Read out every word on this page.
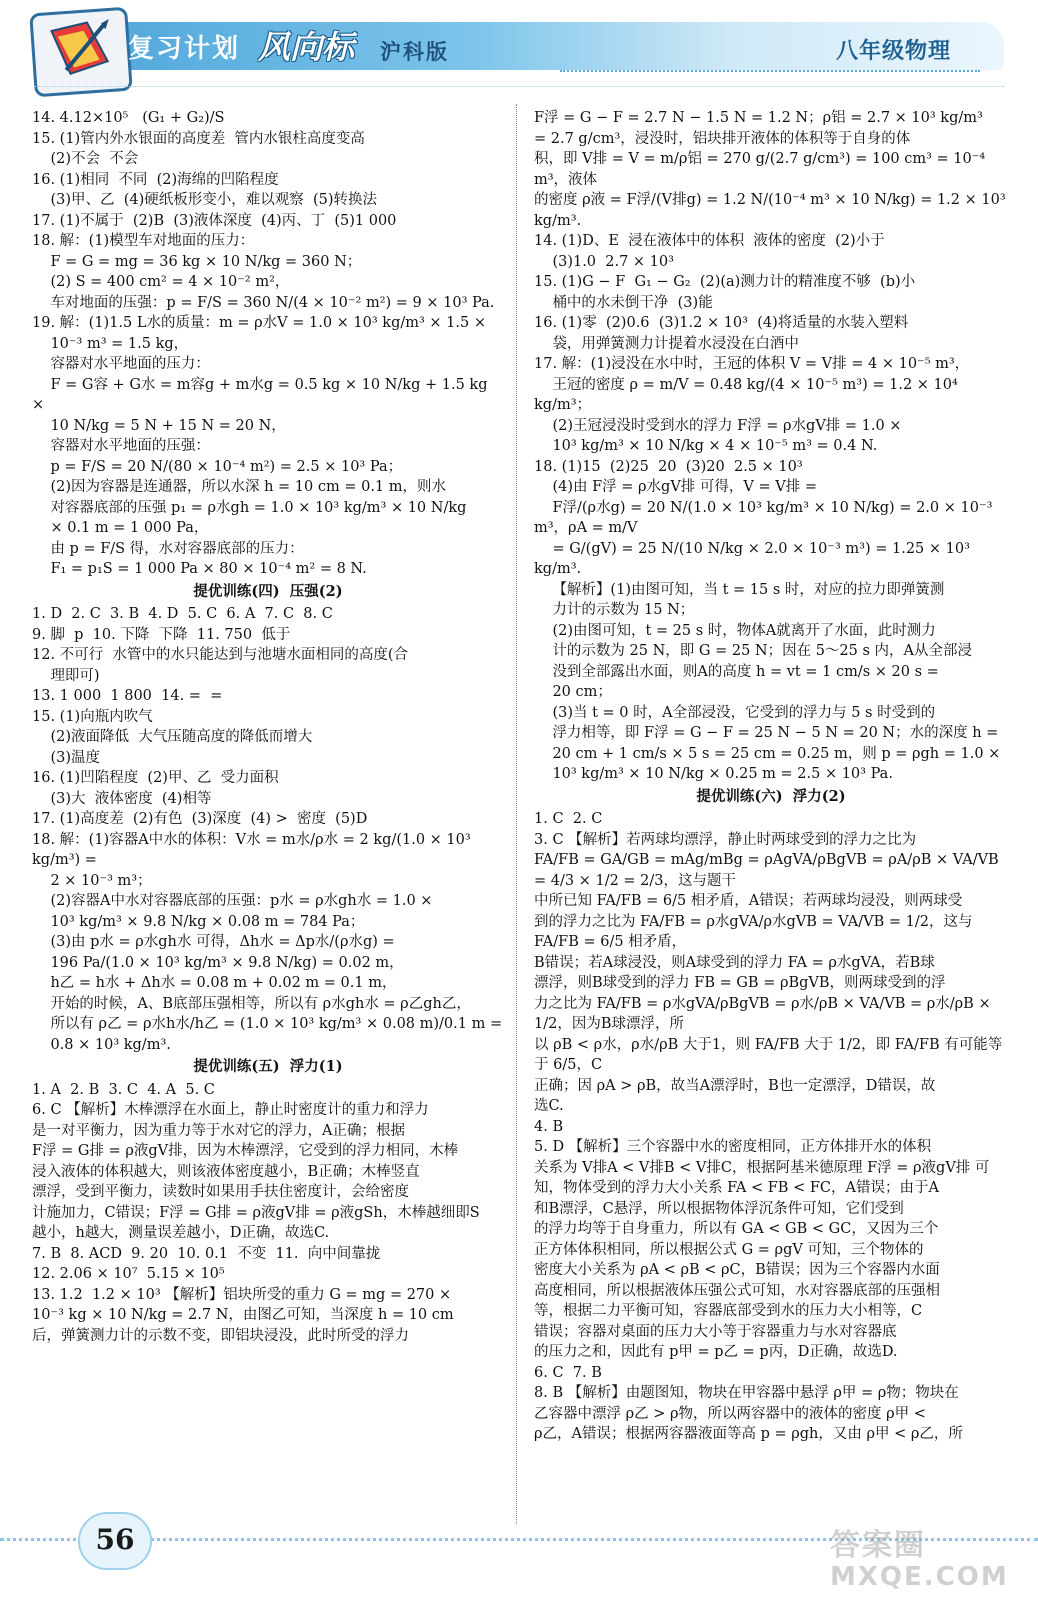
复习计划 风向标 沪科版	八年级物理
14. 4.12×10⁵   (G₁ + G₂)/S
15. (1)管内外水银面的高度差  管内水银柱高度变高
(2)不会  不会
16. (1)相同  不同  (2)海绵的凹陷程度
(3)甲、乙  (4)硬纸板形变小，难以观察  (5)转换法
17. (1)不属于  (2)B  (3)液体深度  (4)丙、丁  (5)1 000
18. 解：(1)模型车对地面的压力：
F = G = mg = 36 kg × 10 N/kg = 360 N；
(2) S = 400 cm² = 4 × 10⁻² m²，
车对地面的压强：p = F/S = 360 N/(4 × 10⁻² m²) = 9 × 10³ Pa.
19. 解：(1)1.5 L水的质量：m = ρ水V = 1.0 × 10³ kg/m³ × 1.5 ×
10⁻³ m³ = 1.5 kg，
容器对水平地面的压力：
F = G容 + G水 = m容g + m水g = 0.5 kg × 10 N/kg + 1.5 kg ×
10 N/kg = 5 N + 15 N = 20 N，
容器对水平地面的压强：
p = F/S = 20 N/(80 × 10⁻⁴ m²) = 2.5 × 10³ Pa；
(2)因为容器是连通器，所以水深 h = 10 cm = 0.1 m，则水
对容器底部的压强 p₁ = ρ水gh = 1.0 × 10³ kg/m³ × 10 N/kg
× 0.1 m = 1 000 Pa，
由 p = F/S 得，水对容器底部的压力：
F₁ = p₁S = 1 000 Pa × 80 × 10⁻⁴ m² = 8 N.
提优训练(四)  压强(2)
1. D  2. C  3. B  4. D  5. C  6. A  7. C  8. C
9. 脚  p  10. 下降  下降  11. 750  低于
12. 不可行  水管中的水只能达到与池塘水面相同的高度(合
理即可)
13. 1 000  1 800  14. =  =
15. (1)向瓶内吹气
(2)液面降低  大气压随高度的降低而增大
(3)温度
16. (1)凹陷程度  (2)甲、乙  受力面积
(3)大  液体密度  (4)相等
17. (1)高度差  (2)有色  (3)深度  (4) >  密度  (5)D
18. 解：(1)容器A中水的体积：V水 = m水/ρ水 = 2 kg/(1.0 × 10³ kg/m³) =
2 × 10⁻³ m³；
(2)容器A中水对容器底部的压强：p水 = ρ水gh水 = 1.0 ×
10³ kg/m³ × 9.8 N/kg × 0.08 m = 784 Pa；
(3)由 p水 = ρ水gh水 可得，Δh水 = Δp水/(ρ水g) =
196 Pa/(1.0 × 10³ kg/m³ × 9.8 N/kg) = 0.02 m，
h乙 = h水 + Δh水 = 0.08 m + 0.02 m = 0.1 m，
开始的时候，A、B底部压强相等，所以有 ρ水gh水 = ρ乙gh乙，
所以有 ρ乙 = ρ水h水/h乙 = (1.0 × 10³ kg/m³ × 0.08 m)/0.1 m =
0.8 × 10³ kg/m³.
提优训练(五)  浮力(1)
1. A  2. B  3. C  4. A  5. C
6. C 【解析】木棒漂浮在水面上，静止时密度计的重力和浮力
是一对平衡力，因为重力等于水对它的浮力，A正确；根据
F浮 = G排 = ρ液gV排，因为木棒漂浮，它受到的浮力相同，木棒
浸入液体的体积越大，则该液体密度越小，B正确；木棒竖直
漂浮，受到平衡力，读数时如果用手扶住密度计，会给密度
计施加力，C错误；F浮 = G排 = ρ液gV排 = ρ液gSh，木棒越细即S
越小，h越大，测量误差越小，D正确，故选C.
7. B  8. ACD  9. 20  10. 0.1  不变  11.  向中间靠拢
12. 2.06 × 10⁷  5.15 × 10⁵
13. 1.2  1.2 × 10³ 【解析】铝块所受的重力 G = mg = 270 ×
10⁻³ kg × 10 N/kg = 2.7 N，由图乙可知，当深度 h = 10 cm
后，弹簧测力计的示数不变，即铝块浸没，此时所受的浮力
F浮 = G − F = 2.7 N − 1.5 N = 1.2 N；ρ铝 = 2.7 × 10³ kg/m³
= 2.7 g/cm³，浸没时，铝块排开液体的体积等于自身的体
积，即 V排 = V = m/ρ铝 = 270 g/(2.7 g/cm³) = 100 cm³ = 10⁻⁴ m³，液体
的密度 ρ液 = F浮/(V排g) = 1.2 N/(10⁻⁴ m³ × 10 N/kg) = 1.2 × 10³ kg/m³.
14. (1)D、E  浸在液体中的体积  液体的密度  (2)小于
(3)1.0  2.7 × 10³
15. (1)G − F  G₁ − G₂  (2)(a)测力计的精准度不够  (b)小
桶中的水未倒干净  (3)能
16. (1)零  (2)0.6  (3)1.2 × 10³  (4)将适量的水装入塑料
袋，用弹簧测力计提着水浸没在白酒中
17. 解：(1)浸没在水中时，王冠的体积 V = V排 = 4 × 10⁻⁵ m³，
王冠的密度 ρ = m/V = 0.48 kg/(4 × 10⁻⁵ m³) = 1.2 × 10⁴ kg/m³；
(2)王冠浸没时受到水的浮力 F浮 = ρ水gV排 = 1.0 ×
10³ kg/m³ × 10 N/kg × 4 × 10⁻⁵ m³ = 0.4 N.
18. (1)15  (2)25  20  (3)20  2.5 × 10³
(4)由 F浮 = ρ水gV排 可得，V = V排 =
F浮/(ρ水g) = 20 N/(1.0 × 10³ kg/m³ × 10 N/kg) = 2.0 × 10⁻³ m³，ρA = m/V
= G/(gV) = 25 N/(10 N/kg × 2.0 × 10⁻³ m³) = 1.25 × 10³ kg/m³.
【解析】(1)由图可知，当 t = 15 s 时，对应的拉力即弹簧测
力计的示数为 15 N；
(2)由图可知，t = 25 s 时，物体A就离开了水面，此时测力
计的示数为 25 N，即 G = 25 N；因在 5～25 s 内，A从全部浸
没到全部露出水面，则A的高度 h = vt = 1 cm/s × 20 s =
20 cm；
(3)当 t = 0 时，A全部浸没，它受到的浮力与 5 s 时受到的
浮力相等，即 F浮 = G − F = 25 N − 5 N = 20 N；水的深度 h =
20 cm + 1 cm/s × 5 s = 25 cm = 0.25 m，则 p = ρgh = 1.0 ×
10³ kg/m³ × 10 N/kg × 0.25 m = 2.5 × 10³ Pa.
提优训练(六)  浮力(2)
1. C  2. C
3. C 【解析】若两球均漂浮，静止时两球受到的浮力之比为
FA/FB = GA/GB = mAg/mBg = ρAgVA/ρBgVB = ρA/ρB × VA/VB = 4/3 × 1/2 = 2/3，这与题干
中所已知 FA/FB = 6/5 相矛盾，A错误；若两球均浸没，则两球受
到的浮力之比为 FA/FB = ρ水gVA/ρ水gVB = VA/VB = 1/2，这与 FA/FB = 6/5 相矛盾，
B错误；若A球浸没，则A球受到的浮力 FA = ρ水gVA，若B球
漂浮，则B球受到的浮力 FB = GB = ρBgVB，则两球受到的浮
力之比为 FA/FB = ρ水gVA/ρBgVB = ρ水/ρB × VA/VB = ρ水/ρB × 1/2，因为B球漂浮，所
以 ρB < ρ水，ρ水/ρB 大于1，则 FA/FB 大于 1/2，即 FA/FB 有可能等于 6/5，C
正确；因 ρA > ρB，故当A漂浮时，B也一定漂浮，D错误，故
选C.
4. B
5. D 【解析】三个容器中水的密度相同，正方体排开水的体积
关系为 V排A < V排B < V排C，根据阿基米德原理 F浮 = ρ液gV排 可
知，物体受到的浮力大小关系 FA < FB < FC，A错误；由于A
和B漂浮，C悬浮，所以根据物体浮沉条件可知，它们受到
的浮力均等于自身重力，所以有 GA < GB < GC，又因为三个
正方体体积相同，所以根据公式 G = ρgV 可知，三个物体的
密度大小关系为 ρA < ρB < ρC，B错误；因为三个容器内水面
高度相同，所以根据液体压强公式可知，水对容器底部的压强相
等，根据二力平衡可知，容器底部受到水的压力大小相等，C
错误；容器对桌面的压力大小等于容器重力与水对容器底
的压力之和，因此有 p甲 = p乙 = p丙，D正确，故选D.
6. C  7. B
8. B 【解析】由题图知，物块在甲容器中悬浮 ρ甲 = ρ物；物块在
乙容器中漂浮 ρ乙 > ρ物，所以两容器中的液体的密度 ρ甲 <
ρ乙，A错误；根据两容器液面等高 p = ρgh，又由 ρ甲 < ρ乙，所
56	答案圈
MXQE.COM
